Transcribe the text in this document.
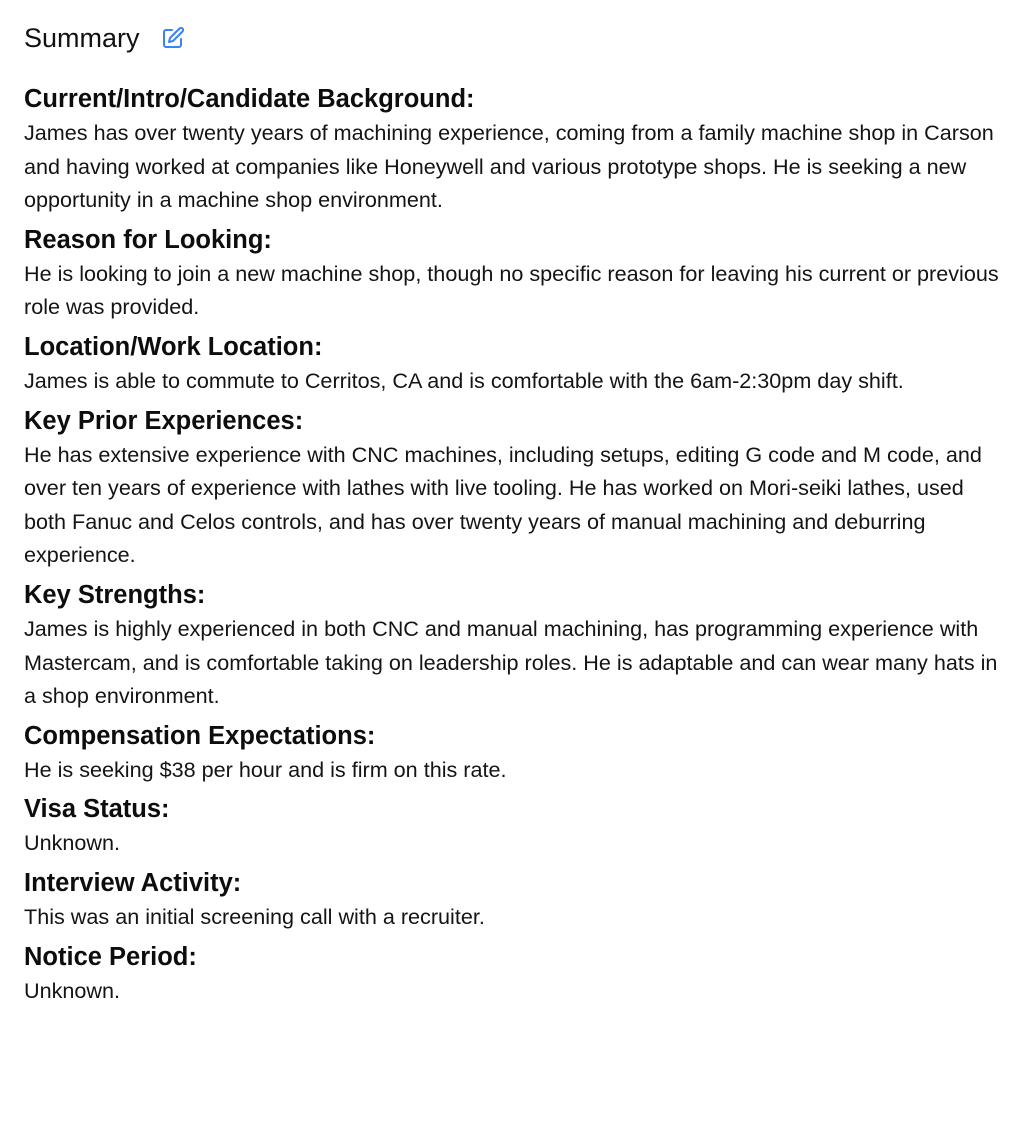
Summary
Current/Intro/Candidate Background:

James has over twenty years of machining experience, coming from a family machine shop in Carson and having worked at companies like Honeywell and various prototype shops. He is seeking a new opportunity in a machine shop environment.

Reason for Looking:

He is looking to join a new machine shop, though no specific reason for leaving his current or previous role was provided.

Location/Work Location:

James is able to commute to Cerritos, CA and is comfortable with the 6am-2:30pm day shift.

Key Prior Experiences:

He has extensive experience with CNC machines, including setups, editing G code and M code, and over ten years of experience with lathes with live tooling. He has worked on Mori-seiki lathes, used both Fanuc and Celos controls, and has over twenty years of manual machining and deburring experience.

Key Strengths:

James is highly experienced in both CNC and manual machining, has programming experience with Mastercam, and is comfortable taking on leadership roles. He is adaptable and can wear many hats in a shop environment.

Compensation Expectations:

He is seeking $38 per hour and is firm on this rate.

Visa Status:

Unknown.

Interview Activity:

This was an initial screening call with a recruiter.

Notice Period:

Unknown.
